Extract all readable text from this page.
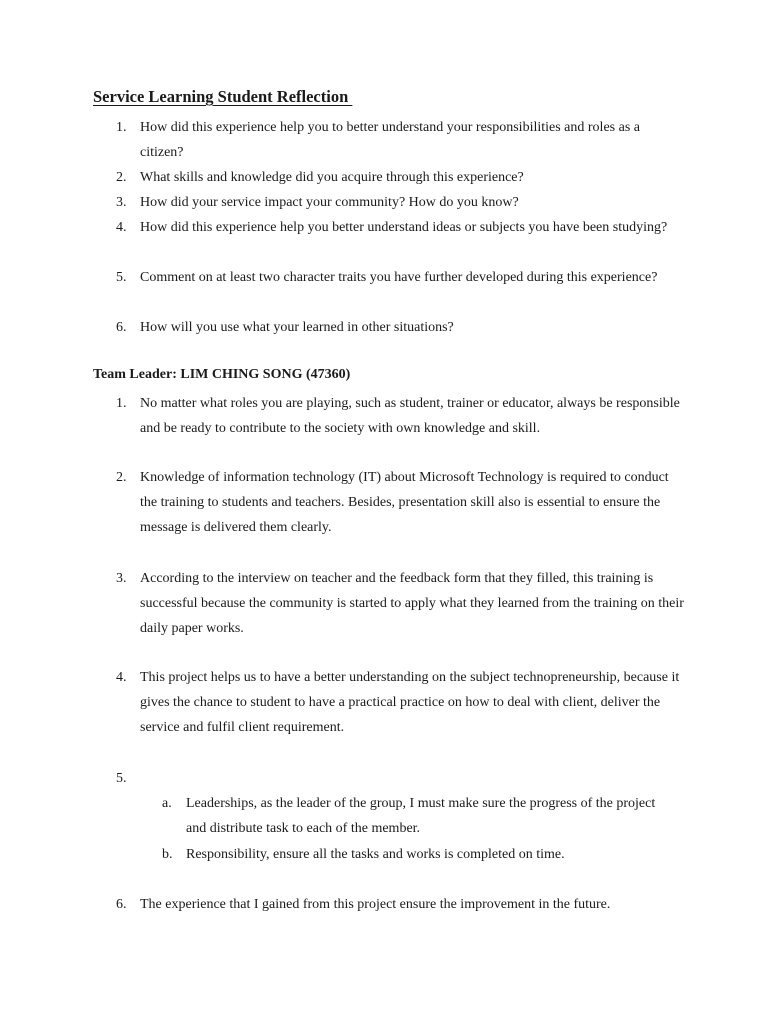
Service Learning Student Reflection
1. How did this experience help you to better understand your responsibilities and roles as a citizen?
2. What skills and knowledge did you acquire through this experience?
3. How did your service impact your community? How do you know?
4. How did this experience help you better understand ideas or subjects you have been studying?
5. Comment on at least two character traits you have further developed during this experience?
6. How will you use what your learned in other situations?
Team Leader: LIM CHING SONG (47360)
1. No matter what roles you are playing, such as student, trainer or educator, always be responsible and be ready to contribute to the society with own knowledge and skill.
2. Knowledge of information technology (IT) about Microsoft Technology is required to conduct the training to students and teachers. Besides, presentation skill also is essential to ensure the message is delivered them clearly.
3. According to the interview on teacher and the feedback form that they filled, this training is successful because the community is started to apply what they learned from the training on their daily paper works.
4. This project helps us to have a better understanding on the subject technopreneurship, because it gives the chance to student to have a practical practice on how to deal with client, deliver the service and fulfil client requirement.
5.
a. Leaderships, as the leader of the group, I must make sure the progress of the project and distribute task to each of the member.
b. Responsibility, ensure all the tasks and works is completed on time.
6. The experience that I gained from this project ensure the improvement in the future.
